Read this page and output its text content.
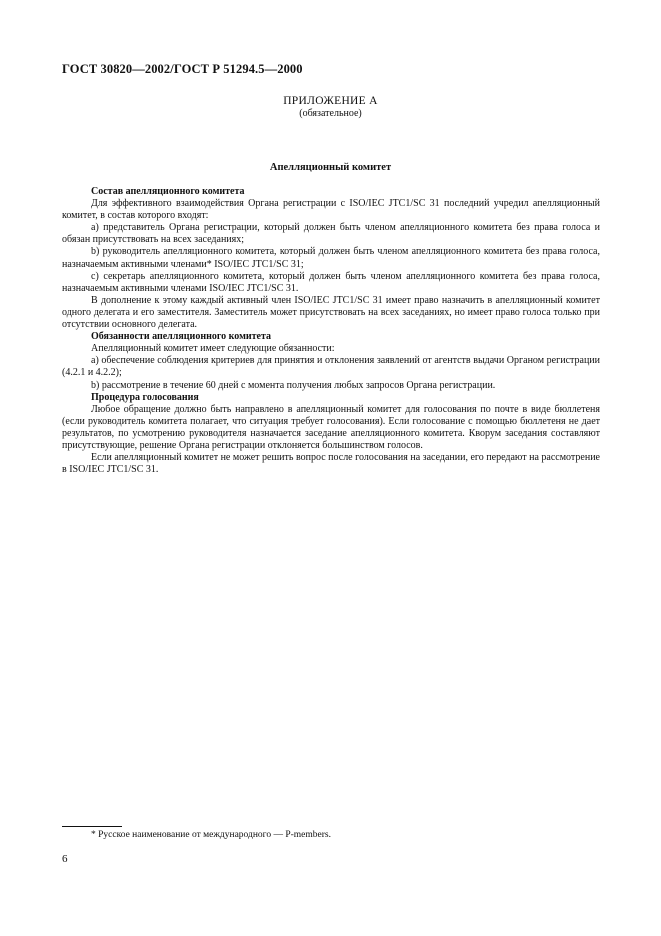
ГОСТ 30820—2002/ГОСТ Р 51294.5—2000
ПРИЛОЖЕНИЕ А
(обязательное)
Апелляционный комитет
Состав апелляционного комитета

Для эффективного взаимодействия Органа регистрации с ISO/IEC JTC1/SC 31 последний учредил апелляционный комитет, в состав которого входят:

a) представитель Органа регистрации, который должен быть членом апелляционного комитета без права голоса и обязан присутствовать на всех заседаниях;

b) руководитель апелляционного комитета, который должен быть членом апелляционного комитета без права голоса, назначаемым активными членами* ISO/IEC JTC1/SC 31;

c) секретарь апелляционного комитета, который должен быть членом апелляционного комитета без права голоса, назначаемым активными членами ISO/IEC JTC1/SC 31.

В дополнение к этому каждый активный член ISO/IEC JTC1/SC 31 имеет право назначить в апелляционный комитет одного делегата и его заместителя. Заместитель может присутствовать на всех заседаниях, но имеет право голоса только при отсутствии основного делегата.

Обязанности апелляционного комитета

Апелляционный комитет имеет следующие обязанности:

a) обеспечение соблюдения критериев для принятия и отклонения заявлений от агентств выдачи Органом регистрации (4.2.1 и 4.2.2);

b) рассмотрение в течение 60 дней с момента получения любых запросов Органа регистрации.

Процедура голосования

Любое обращение должно быть направлено в апелляционный комитет для голосования по почте в виде бюллетеня (если руководитель комитета полагает, что ситуация требует голосования). Если голосование с помощью бюллетеня не дает результатов, по усмотрению руководителя назначается заседание апелляционного комитета. Кворум заседания составляют присутствующие, решение Органа регистрации отклоняется большинством голосов.

Если апелляционный комитет не может решить вопрос после голосования на заседании, его передают на рассмотрение в ISO/IEC JTC1/SC 31.

* Русское наименование от международного — P-members.
6
